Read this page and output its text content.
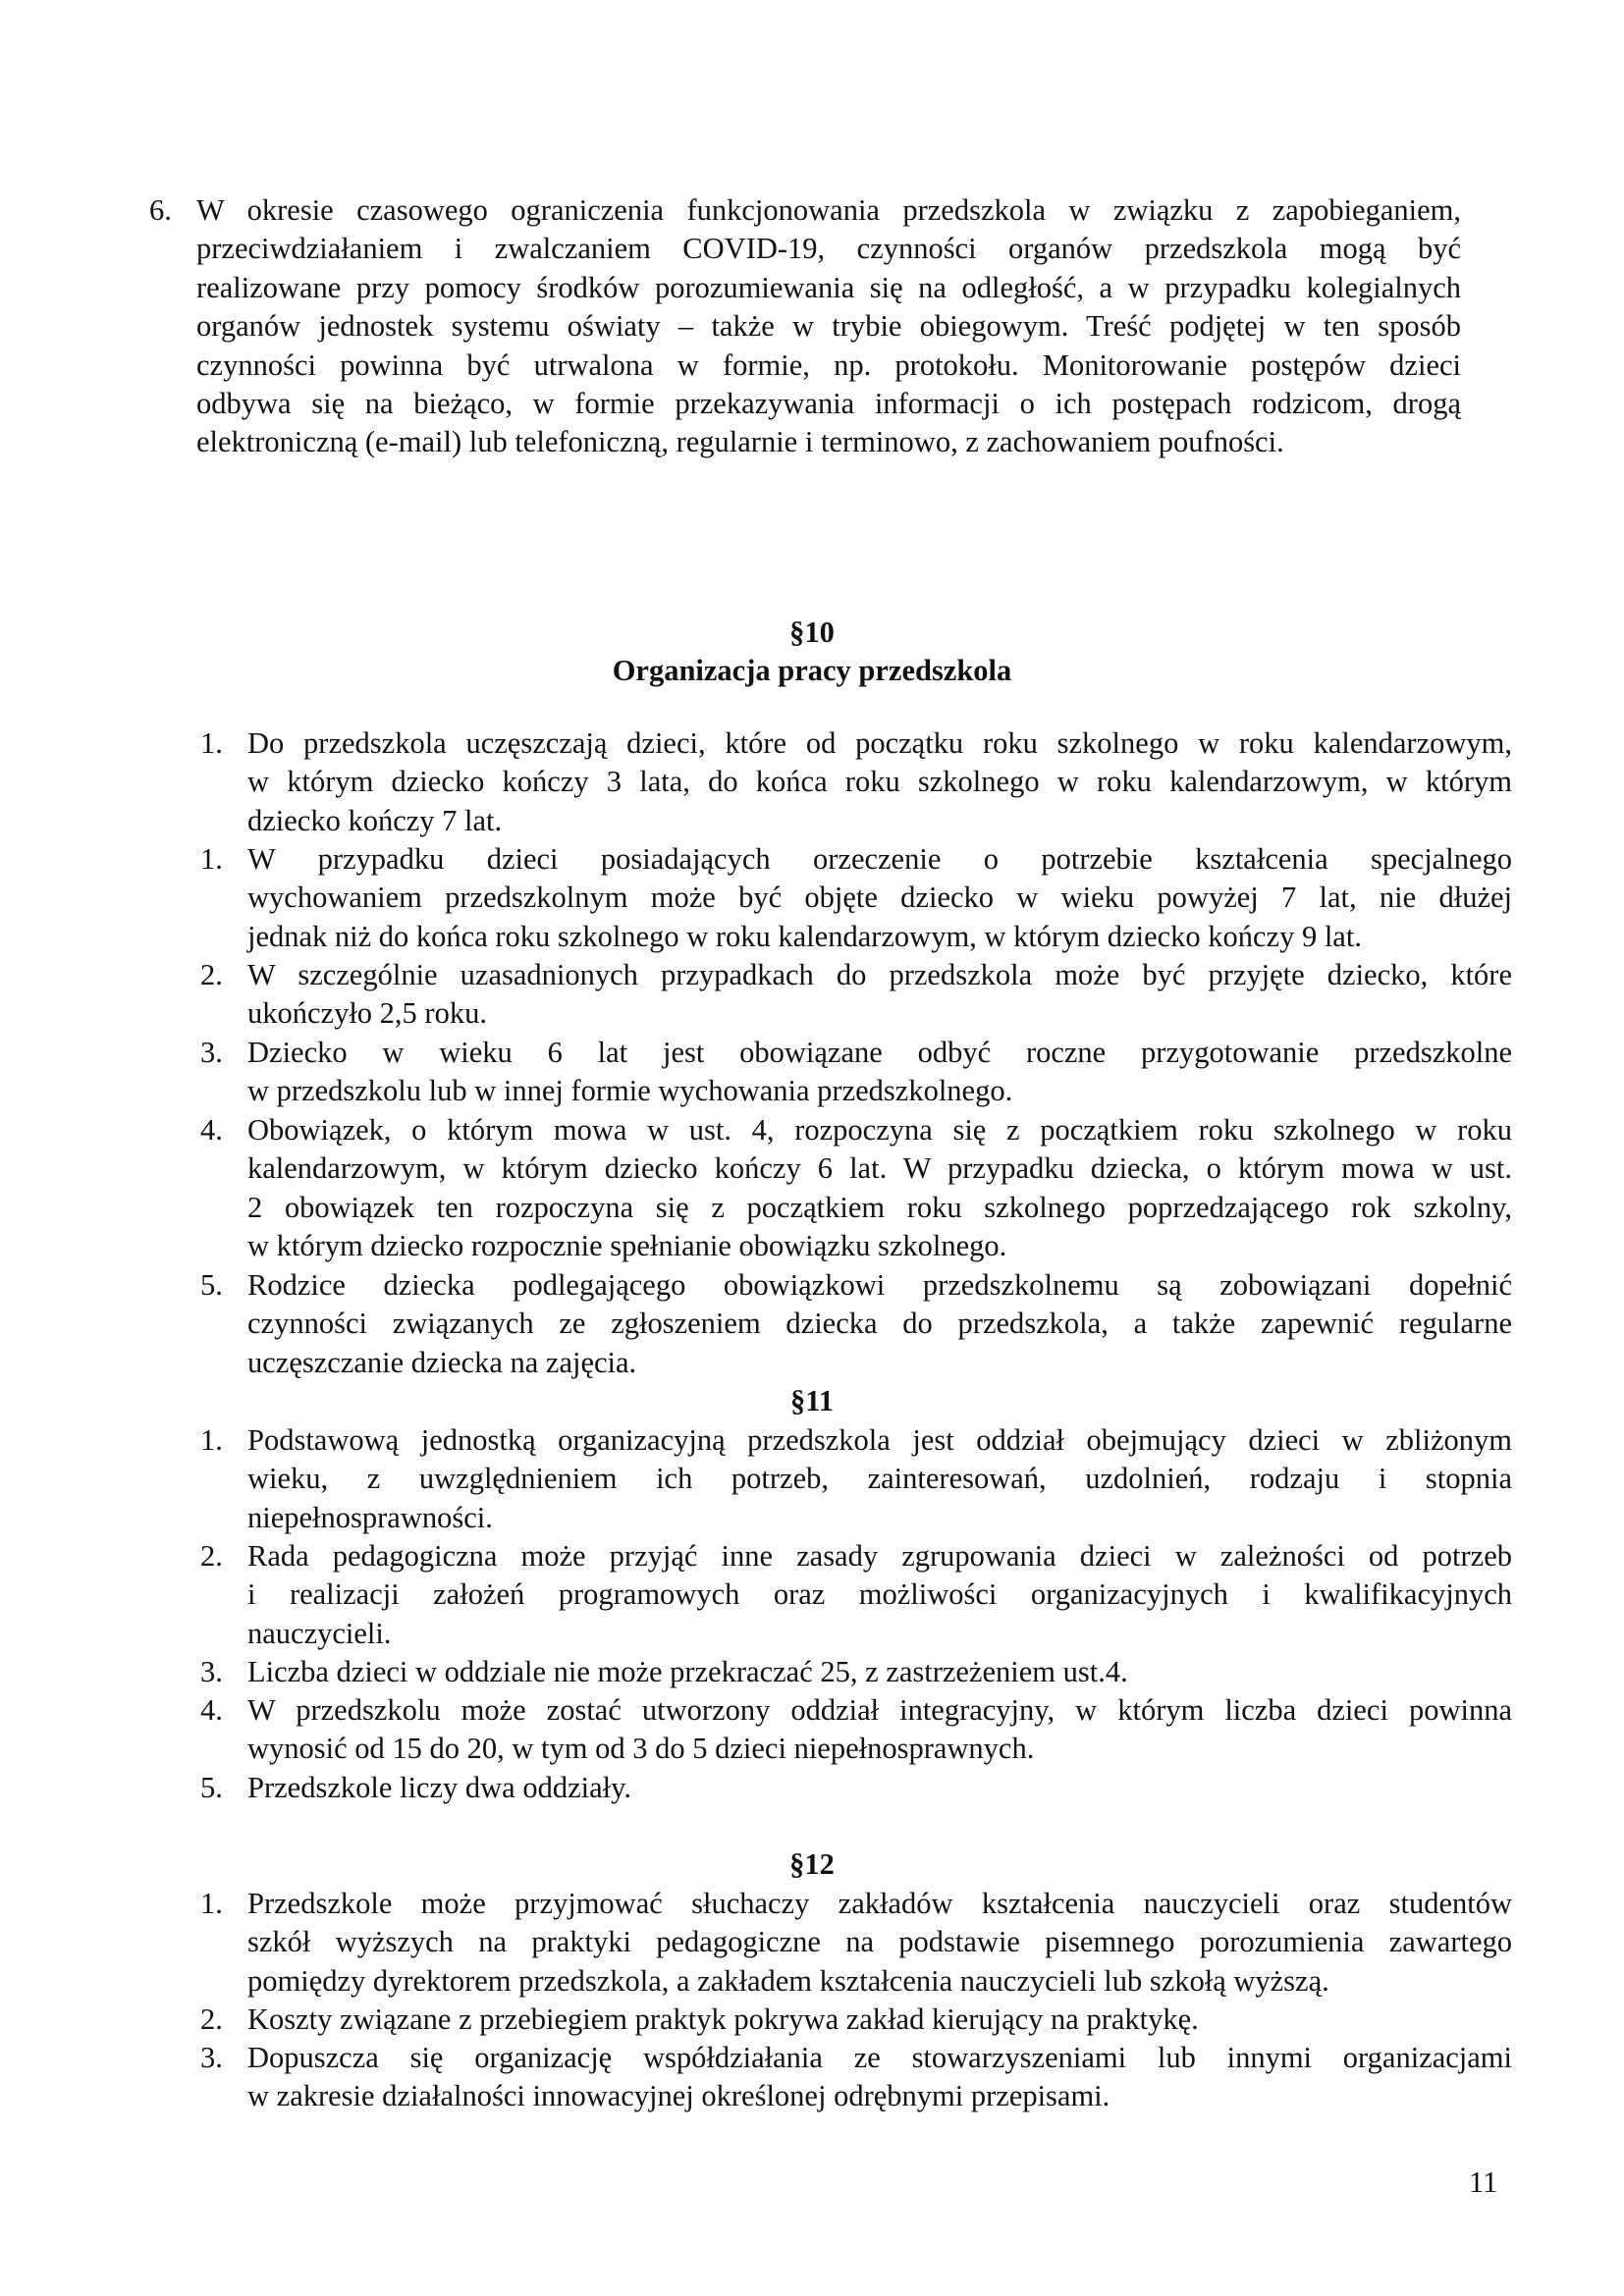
6. W okresie czasowego ograniczenia funkcjonowania przedszkola w związku z zapobieganiem,
przeciwdziałaniem i zwalczaniem COVID-19, czynności organów przedszkola mogą być
realizowane przy pomocy środków porozumiewania się na odległość, a w przypadku kolegialnych
organów jednostek systemu oświaty – także w trybie obiegowym. Treść podjętej w ten sposób
czynności powinna być utrwalona w formie, np. protokołu. Monitorowanie postępów dzieci
odbywa się na bieżąco, w formie przekazywania informacji o ich postępach rodzicom, drogą
elektroniczną (e-mail) lub telefoniczną, regularnie i terminowo, z zachowaniem poufności.
§10
Organizacja pracy przedszkola
1. Do przedszkola uczęszczają dzieci, które od początku roku szkolnego w roku kalendarzowym,
w którym dziecko kończy 3 lata, do końca roku szkolnego w roku kalendarzowym, w którym
dziecko kończy 7 lat.
1. W przypadku dzieci posiadających orzeczenie o potrzebie kształcenia specjalnego
wychowaniem przedszkolnym może być objęte dziecko w wieku powyżej 7 lat, nie dłużej
jednak niż do końca roku szkolnego w roku kalendarzowym, w którym dziecko kończy 9 lat.
2. W szczególnie uzasadnionych przypadkach do przedszkola może być przyjęte dziecko, które
ukończyło 2,5 roku.
3. Dziecko w wieku 6 lat jest obowiązane odbyć roczne przygotowanie przedszkolne
w przedszkolu lub w innej formie wychowania przedszkolnego.
4. Obowiązek, o którym mowa w ust. 4, rozpoczyna się z początkiem roku szkolnego w roku
kalendarzowym, w którym dziecko kończy 6 lat. W przypadku dziecka, o którym mowa w ust.
2 obowiązek ten rozpoczyna się z początkiem roku szkolnego poprzedzającego rok szkolny,
w którym dziecko rozpocznie spełnianie obowiązku szkolnego.
5. Rodzice dziecka podlegającego obowiązkowi przedszkolnemu są zobowiązani dopełnić
czynności związanych ze zgłoszeniem dziecka do przedszkola, a także zapewnić regularne
uczęszczanie dziecka na zajęcia.
§11
1. Podstawową jednostką organizacyjną przedszkola jest oddział obejmujący dzieci w zbliżonym
wieku, z uwzględnieniem ich potrzeb, zainteresowań, uzdolnień, rodzaju i stopnia
niepełnosprawności.
2. Rada pedagogiczna może przyjąć inne zasady zgrupowania dzieci w zależności od potrzeb
i realizacji założeń programowych oraz możliwości organizacyjnych i kwalifikacyjnych
nauczycieli.
3. Liczba dzieci w oddziale nie może przekraczać 25, z zastrzeżeniem ust.4.
4. W przedszkolu może zostać utworzony oddział integracyjny, w którym liczba dzieci powinna
wynosić od 15 do 20, w tym od 3 do 5 dzieci niepełnosprawnych.
5. Przedszkole liczy dwa oddziały.
§12
1. Przedszkole może przyjmować słuchaczy zakładów kształcenia nauczycieli oraz studentów
szkół wyższych na praktyki pedagogiczne na podstawie pisemnego porozumienia zawartego
pomiędzy dyrektorem przedszkola, a zakładem kształcenia nauczycieli lub szkołą wyższą.
2. Koszty związane z przebiegiem praktyk pokrywa zakład kierujący na praktykę.
3. Dopuszcza się organizację współdziałania ze stowarzyszeniami lub innymi organizacjami
w zakresie działalności innowacyjnej określonej odrębnymi przepisami.
11
